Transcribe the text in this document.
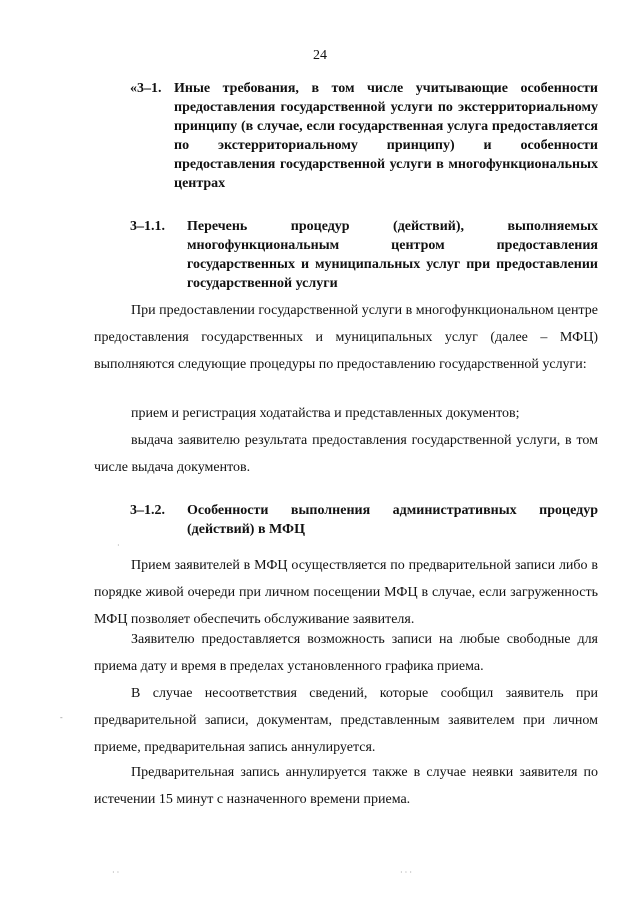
24
«3–1. Иные требования, в том числе учитывающие особенности предоставления государственной услуги по экстерриториальному принципу (в случае, если государственная услуга предоставляется по экстерриториальному принципу) и особенности предоставления государственной услуги в многофункциональных центрах
3–1.1. Перечень процедур (действий), выполняемых многофункциональным центром предоставления государственных и муниципальных услуг при предоставлении государственной услуги

При предоставлении государственной услуги в многофункциональном центре предоставления государственных и муниципальных услуг (далее – МФЦ) выполняются следующие процедуры по предоставлению государственной услуги:

прием и регистрация ходатайства и представленных документов;

выдача заявителю результата предоставления государственной услуги, в том числе выдача документов.

3–1.2. Особенности выполнения административных процедур (действий) в МФЦ
·

Прием заявителей в МФЦ осуществляется по предварительной записи либо в порядке живой очереди при личном посещении МФЦ в случае, если загруженность МФЦ позволяет обеспечить обслуживание заявителя.

Заявителю предоставляется возможность записи на любые свободные для приема дату и время в пределах установленного графика приема.

В случае несоответствия сведений, которые сообщил заявитель при предварительной записи, документам, представленным заявителем при личном приеме, предварительная запись аннулируется.

-

Предварительная запись аннулируется также в случае неявки заявителя по истечении 15 минут с назначенного времени приема.

· ·	· · ·
